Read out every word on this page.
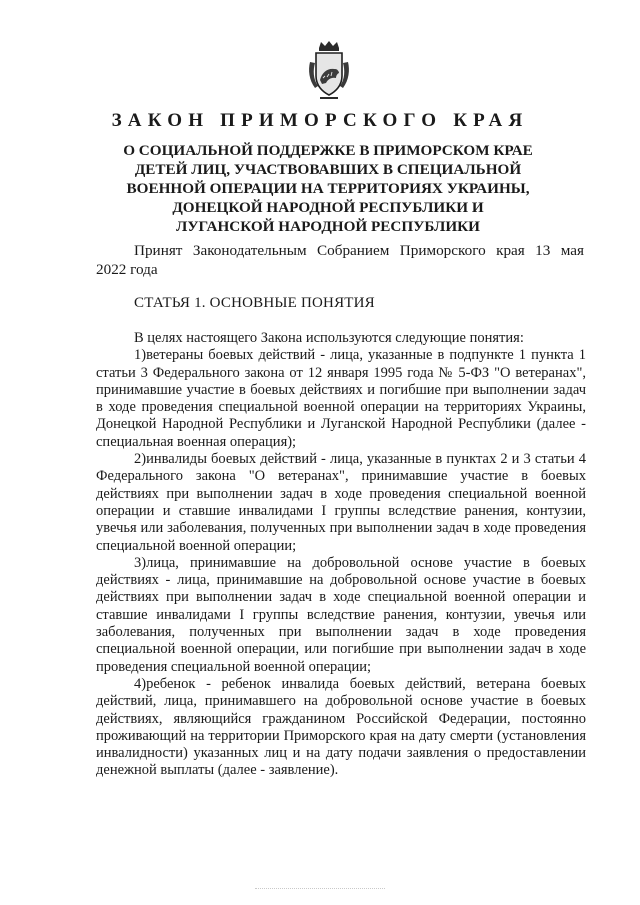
ЗАКОН ПРИМОРСКОГО КРАЯ
О СОЦИАЛЬНОЙ ПОДДЕРЖКЕ В ПРИМОРСКОМ КРАЕ
ДЕТЕЙ ЛИЦ, УЧАСТВОВАВШИХ В СПЕЦИАЛЬНОЙ
ВОЕННОЙ ОПЕРАЦИИ НА ТЕРРИТОРИЯХ УКРАИНЫ,
ДОНЕЦКОЙ НАРОДНОЙ РЕСПУБЛИКИ И
ЛУГАНСКОЙ НАРОДНОЙ РЕСПУБЛИКИ
Принят Законодательным Собранием Приморского края 13 мая
2022 года
СТАТЬЯ 1. ОСНОВНЫЕ ПОНЯТИЯ

В целях настоящего Закона используются следующие понятия:

1)ветераны боевых действий - лица, указанные в подпункте 1 пункта 1 статьи 3 Федерального закона от 12 января 1995 года № 5-ФЗ "О ветеранах", принимавшие участие в боевых действиях и погибшие при выполнении задач в ходе проведения специальной военной операции на территориях Украины, Донецкой Народной Республики и Луганской Народной Республики (далее - специальная военная операция);

2)инвалиды боевых действий - лица, указанные в пунктах 2 и 3 статьи 4 Федерального закона "О ветеранах", принимавшие участие в боевых действиях при выполнении задач в ходе проведения специальной военной операции и ставшие инвалидами I группы вследствие ранения, контузии, увечья или заболевания, полученных при выполнении задач в ходе проведения специальной военной операции;

3)лица, принимавшие на добровольной основе участие в боевых действиях - лица, принимавшие на добровольной основе участие в боевых действиях при выполнении задач в ходе специальной военной операции и ставшие инвалидами I группы вследствие ранения, контузии, увечья или заболевания, полученных при выполнении задач в ходе проведения специальной военной операции, или погибшие при выполнении задач в ходе проведения специальной военной операции;

4)ребенок - ребенок инвалида боевых действий, ветерана боевых действий, лица, принимавшего на добровольной основе участие в боевых действиях, являющийся гражданином Российской Федерации, постоянно проживающий на территории Приморского края на дату смерти (установления инвалидности) указанных лиц и на дату подачи заявления о предоставлении денежной выплаты (далее - заявление).
